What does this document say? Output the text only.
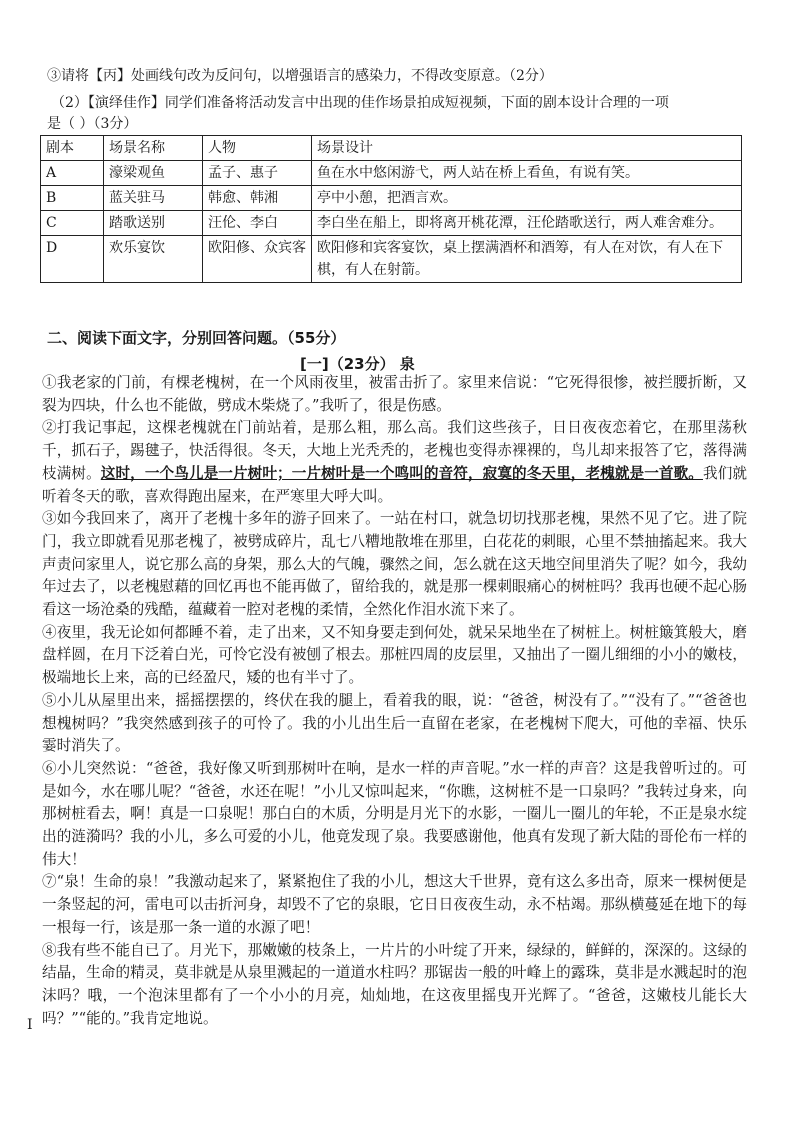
③请将【丙】处画线句改为反问句，以增强语言的感染力，不得改变原意。（2分）
（2）【演绎佳作】同学们准备将活动发言中出现的佳作场景拍成短视频，下面的剧本设计合理的一项
是（ ）（3分）
剧本	场景名称	人物	场景设计
A	濠梁观鱼	孟子、惠子	鱼在水中悠闲游弋，两人站在桥上看鱼，有说有笑。
B	蓝关驻马	韩愈、韩湘	亭中小憩，把酒言欢。
C	踏歌送别	汪伦、李白	李白坐在船上，即将离开桃花潭，汪伦踏歌送行，两人难舍难分。
D	欢乐宴饮	欧阳修、众宾客	欧阳修和宾客宴饮，桌上摆满酒杯和酒筹，有人在对饮，有人在下棋，有人在射箭。
二、阅读下面文字，分别回答问题。（55分）
[一]（23分） 泉

①我老家的门前，有棵老槐树，在一个风雨夜里，被雷击折了。家里来信说：“它死得很惨，被拦腰折断，又裂为四块，什么也不能做，劈成木柴烧了。”我听了，很是伤感。

②打我记事起，这棵老槐就在门前站着，是那么粗，那么高。我们这些孩子，日日夜夜恋着它，在那里荡秋千，抓石子，踢毽子，快活得很。冬天，大地上光秃秃的，老槐也变得赤裸裸的，鸟儿却来报答了它，落得满枝满树。这时，一个鸟儿是一片树叶；一片树叶是一个鸣叫的音符，寂寞的冬天里，老槐就是一首歌。我们就听着冬天的歌，喜欢得跑出屋来，在严寒里大呼大叫。

③如今我回来了，离开了老槐十多年的游子回来了。一站在村口，就急切切找那老槐，果然不见了它。进了院门，我立即就看见那老槐了，被劈成碎片，乱七八糟地散堆在那里，白花花的刺眼，心里不禁抽搐起来。我大声责问家里人，说它那么高的身架，那么大的气魄，骤然之间，怎么就在这天地空间里消失了呢？如今，我幼年过去了，以老槐慰藉的回忆再也不能再做了，留给我的，就是那一棵刺眼痛心的树桩吗？我再也硬不起心肠看这一场沧桑的残酷，蕴藏着一腔对老槐的柔情，全然化作泪水流下来了。

④夜里，我无论如何都睡不着，走了出来，又不知身要走到何处，就呆呆地坐在了树桩上。树桩簸箕般大，磨盘样圆，在月下泛着白光，可怜它没有被刨了根去。那桩四周的皮层里，又抽出了一圈儿细细的小小的嫩枝，极端地长上来，高的已经盈尺，矮的也有半寸了。

⑤小儿从屋里出来，摇摇摆摆的，终伏在我的腿上，看着我的眼，说：“爸爸，树没有了。”“没有了。”“爸爸也想槐树吗？”我突然感到孩子的可怜了。我的小儿出生后一直留在老家，在老槐树下爬大，可他的幸福、快乐霎时消失了。

⑥小儿突然说：“爸爸，我好像又听到那树叶在响，是水一样的声音呢。”水一样的声音？这是我曾听过的。可是如今，水在哪儿呢？“爸爸，水还在呢！”小儿又惊叫起来，“你瞧，这树桩不是一口泉吗？”我转过身来，向那树桩看去，啊！真是一口泉呢！那白白的木质，分明是月光下的水影，一圈儿一圈儿的年轮，不正是泉水绽出的涟漪吗？我的小儿，多么可爱的小儿，他竟发现了泉。我要感谢他，他真有发现了新大陆的哥伦布一样的伟大！

⑦“泉！生命的泉！”我激动起来了，紧紧抱住了我的小儿，想这大千世界，竟有这么多出奇，原来一棵树便是一条竖起的河，雷电可以击折河身，却毁不了它的泉眼，它日日夜夜生动，永不枯竭。那纵横蔓延在地下的每一根每一行，该是那一条一道的水源了吧！

⑧我有些不能自已了。月光下，那嫩嫩的枝条上，一片片的小叶绽了开来，绿绿的，鲜鲜的，深深的。这绿的结晶，生命的精灵，莫非就是从泉里溅起的一道道水柱吗？那锯齿一般的叶峰上的露珠，莫非是水溅起时的泡沫吗？哦，一个泡沫里都有了一个小小的月亮，灿灿地，在这夜里摇曳开光辉了。“爸爸，这嫩枝儿能长大吗？”“能的。”我肯定地说。

I
